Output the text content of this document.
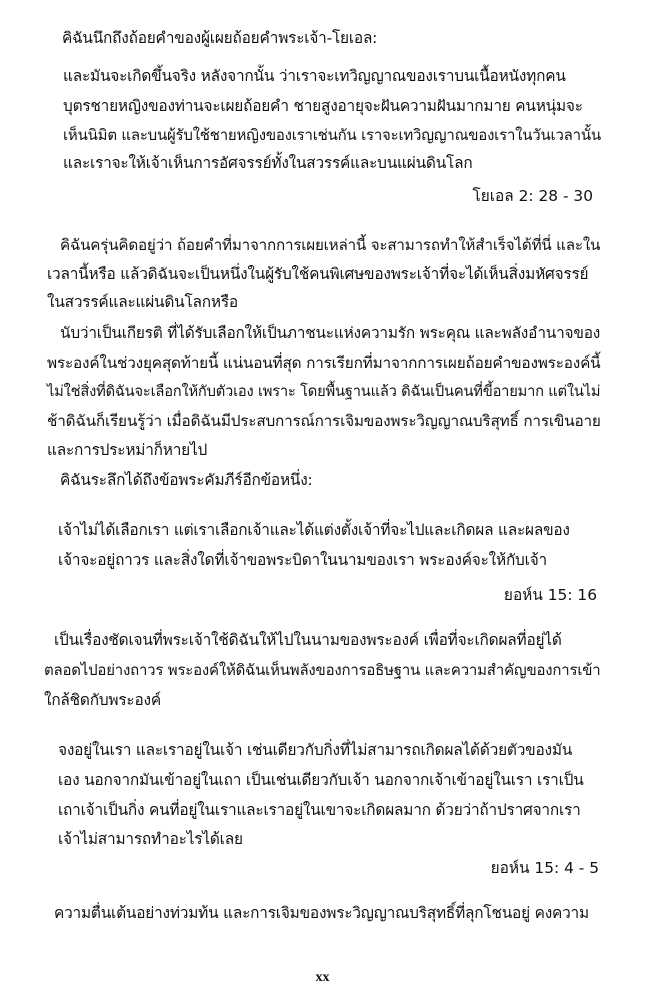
คิฉันนึกถึงถ้อยคำของผู้เผยถ้อยคำพระเจ้า-โยเอล:
และมันจะเกิดขึ้นจริง หลังจากนั้น ว่าเราจะเทวิญญาณของเราบนเนื้อหนังทุกคน
บุตรชายหญิงของท่านจะเผยถ้อยคำ ชายสูงอายุจะฝันความฝันมากมาย คนหนุ่มจะ
เห็นนิมิต และบนผู้รับใช้ชายหญิงของเราเช่นกัน เราจะเทวิญญาณของเราในวันเวลานั้น
และเราจะให้เจ้าเห็นการอัศจรรย์ทั้งในสวรรค์และบนแผ่นดินโลก
โยเอล 2: 28 - 30
คิฉันครุ่นคิดอยู่ว่า ถ้อยคำที่มาจากการเผยเหล่านี้ จะสามารถทำให้สำเร็จได้ที่นี่ และใน
เวลานี้หรือ แล้วดิฉันจะเป็นหนึ่งในผู้รับใช้คนพิเศษของพระเจ้าที่จะได้เห็นสิ่งมหัศจรรย์
ในสวรรค์และแผ่นดินโลกหรือ
นับว่าเป็นเกียรติ ที่ได้รับเลือกให้เป็นภาชนะแห่งความรัก พระคุณ และพลังอำนาจของ
พระองค์ในช่วงยุคสุดท้ายนี้ แน่นอนที่สุด การเรียกที่มาจากการเผยถ้อยคำของพระองค์นี้
ไม่ใช่สิ่งที่ดิฉันจะเลือกให้กับตัวเอง เพราะ โดยพื้นฐานแล้ว ดิฉันเป็นคนที่ขี้อายมาก แต่ในไม่
ช้าดิฉันก็เรียนรู้ว่า เมื่อดิฉันมีประสบการณ์การเจิมของพระวิญญาณบริสุทธิ์ การเขินอาย
และการประหม่าก็หายไป
คิฉันระลึกได้ถึงข้อพระคัมภีร์อีกข้อหนึ่ง:
เจ้าไม่ได้เลือกเรา แต่เราเลือกเจ้าและได้แต่งตั้งเจ้าที่จะไปและเกิดผล และผลของ
เจ้าจะอยู่ถาวร และสิ่งใดที่เจ้าขอพระบิดาในนามของเรา พระองค์จะให้กับเจ้า
ยอห์น 15: 16
เป็นเรื่องชัดเจนที่พระเจ้าใช้ดิฉันให้ไปในนามของพระองค์ เพื่อที่จะเกิดผลที่อยู่ได้
ตลอดไปอย่างถาวร พระองค์ให้ดิฉันเห็นพลังของการอธิษฐาน และความสำคัญของการเข้า
ใกล้ชิดกับพระองค์
จงอยู่ในเรา และเราอยู่ในเจ้า เช่นเดียวกับกิ่งที่ไม่สามารถเกิดผลได้ด้วยตัวของมัน
เอง นอกจากมันเข้าอยู่ในเถา เป็นเช่นเดียวกับเจ้า นอกจากเจ้าเข้าอยู่ในเรา เราเป็น
เถาเจ้าเป็นกิ่ง คนที่อยู่ในเราและเราอยู่ในเขาจะเกิดผลมาก ด้วยว่าถ้าปราศจากเรา
เจ้าไม่สามารถทำอะไรได้เลย
ยอห์น 15: 4 - 5
ความตื่นเต้นอย่างท่วมท้น และการเจิมของพระวิญญาณบริสุทธิ์ที่ลุกโชนอยู่ คงความ
xx
